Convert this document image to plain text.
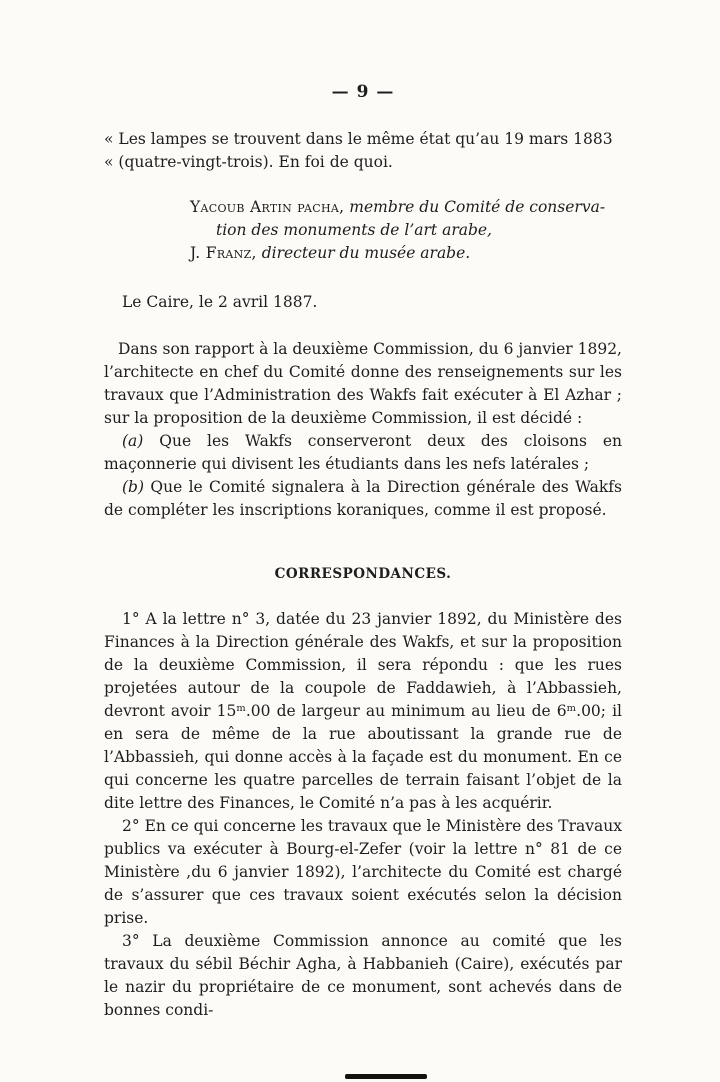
— 9 —
« Les lampes se trouvent dans le même état qu’au 19 mars 1883
« (quatre-vingt-trois). En foi de quoi.
Yacoub Artin pacha, membre du Comité de conserva-
tion des monuments de l’art arabe,
J. Franz, directeur du musée arabe.
Le Caire, le 2 avril 1887.

Dans son rapport à la deuxième Commission, du 6 janvier 1892, l’architecte en chef du Comité donne des renseignements sur les travaux que l’Administration des Wakfs fait exécuter à El Azhar ; sur la proposition de la deuxième Commission, il est décidé :

(a) Que les Wakfs conserveront deux des cloisons en maçonnerie qui divisent les étudiants dans les nefs latérales ;

(b) Que le Comité signalera à la Direction générale des Wakfs de compléter les inscriptions koraniques, comme il est proposé.

CORRESPONDANCES.

1° A la lettre n° 3, datée du 23 janvier 1892, du Ministère des Finances à la Direction générale des Wakfs, et sur la proposition de la deuxième Commission, il sera répondu : que les rues projetées autour de la coupole de Faddawieh, à l’Abbassieh, devront avoir 15ᵐ.00 de largeur au minimum au lieu de 6ᵐ.00; il en sera de même de la rue aboutissant la grande rue de l’Abbassieh, qui donne accès à la façade est du monument. En ce qui concerne les quatre parcelles de terrain faisant l’objet de la dite lettre des Finances, le Comité n’a pas à les acquérir.

2° En ce qui concerne les travaux que le Ministère des Travaux publics va exécuter à Bourg-el-Zefer (voir la lettre n° 81 de ce Ministère ,du 6 janvier 1892), l’architecte du Comité est chargé de s’assurer que ces travaux soient exécutés selon la décision prise.

3° La deuxième Commission annonce au comité que les travaux du sébil Béchir Agha, à Habbanieh (Caire), exécutés par le nazir du propriétaire de ce monument, sont achevés dans de bonnes condi-
